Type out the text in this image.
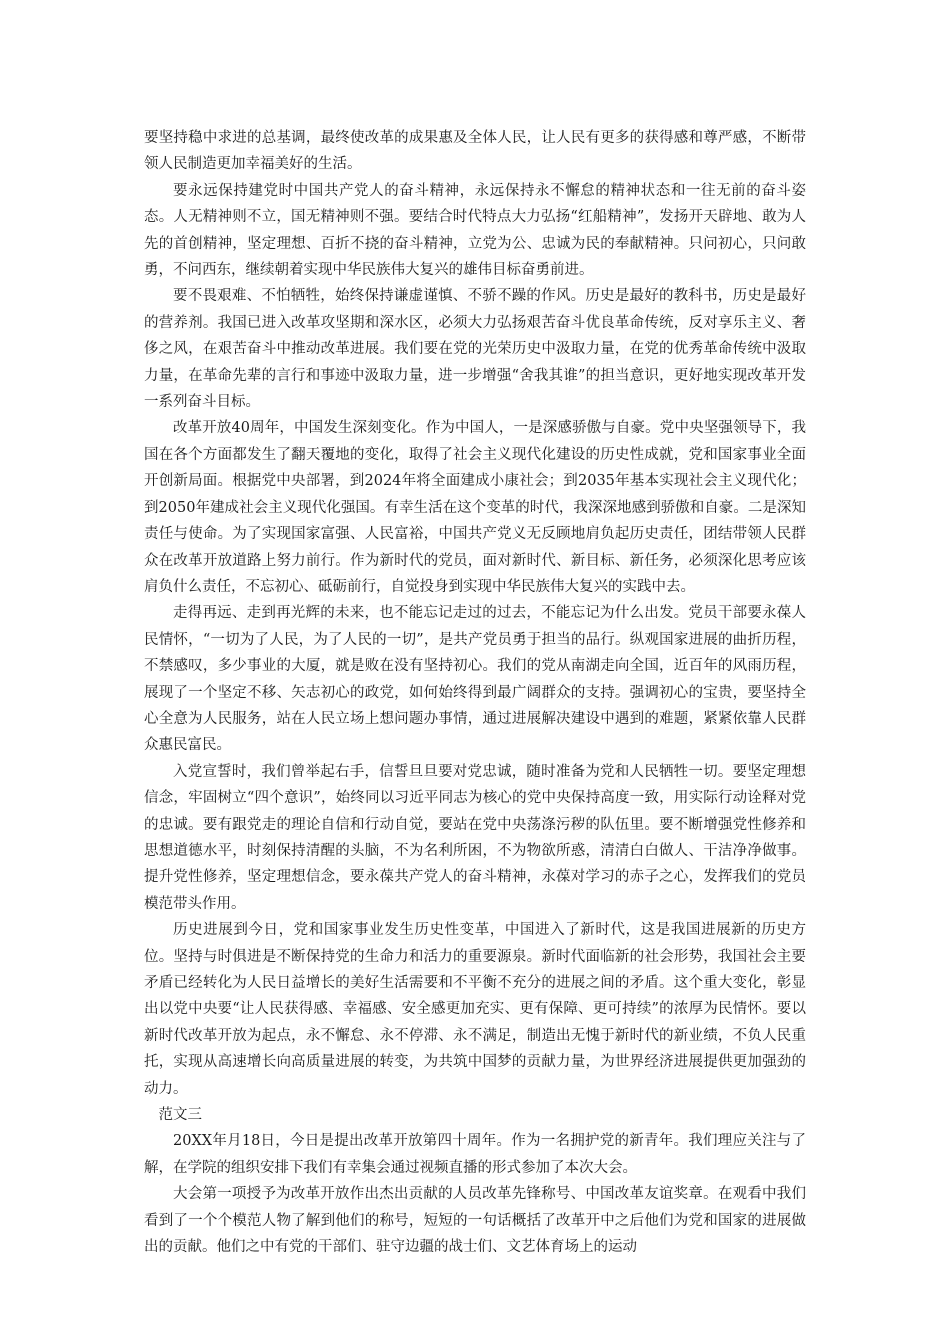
要坚持稳中求进的总基调，最终使改革的成果惠及全体人民，让人民有更多的获得感和尊严感，不断带领人民制造更加幸福美好的生活。

要永远保持建党时中国共产党人的奋斗精神，永远保持永不懈怠的精神状态和一往无前的奋斗姿态。人无精神则不立，国无精神则不强。要结合时代特点大力弘扬“红船精神”，发扬开天辟地、敢为人先的首创精神，坚定理想、百折不挠的奋斗精神，立党为公、忠诚为民的奉献精神。只问初心，只问敢勇，不问西东，继续朝着实现中华民族伟大复兴的雄伟目标奋勇前进。

要不畏艰难、不怕牺牲，始终保持谦虚谨慎、不骄不躁的作风。历史是最好的教科书，历史是最好的营养剂。我国已进入改革攻坚期和深水区，必须大力弘扬艰苦奋斗优良革命传统，反对享乐主义、奢侈之风，在艰苦奋斗中推动改革进展。我们要在党的光荣历史中汲取力量，在党的优秀革命传统中汲取力量，在革命先辈的言行和事迹中汲取力量，进一步增强“舍我其谁”的担当意识，更好地实现改革开发一系列奋斗目标。

改革开放40周年，中国发生深刻变化。作为中国人，一是深感骄傲与自豪。党中央坚强领导下，我国在各个方面都发生了翻天覆地的变化，取得了社会主义现代化建设的历史性成就，党和国家事业全面开创新局面。根据党中央部署，到2024年将全面建成小康社会；到2035年基本实现社会主义现代化；到2050年建成社会主义现代化强国。有幸生活在这个变革的时代，我深深地感到骄傲和自豪。二是深知责任与使命。为了实现国家富强、人民富裕，中国共产党义无反顾地肩负起历史责任，团结带领人民群众在改革开放道路上努力前行。作为新时代的党员，面对新时代、新目标、新任务，必须深化思考应该肩负什么责任，不忘初心、砥砺前行，自觉投身到实现中华民族伟大复兴的实践中去。

走得再远、走到再光辉的未来，也不能忘记走过的过去，不能忘记为什么出发。党员干部要永葆人民情怀，“一切为了人民，为了人民的一切”，是共产党员勇于担当的品行。纵观国家进展的曲折历程，不禁感叹，多少事业的大厦，就是败在没有坚持初心。我们的党从南湖走向全国，近百年的风雨历程，展现了一个坚定不移、矢志初心的政党，如何始终得到最广阔群众的支持。强调初心的宝贵，要坚持全心全意为人民服务，站在人民立场上想问题办事情，通过进展解决建设中遇到的难题，紧紧依靠人民群众惠民富民。

入党宣誓时，我们曾举起右手，信誓旦旦要对党忠诚，随时准备为党和人民牺牲一切。要坚定理想信念，牢固树立“四个意识”，始终同以习近平同志为核心的党中央保持高度一致，用实际行动诠释对党的忠诚。要有跟党走的理论自信和行动自觉，要站在党中央荡涤污秽的队伍里。要不断增强党性修养和思想道德水平，时刻保持清醒的头脑，不为名利所困，不为物欲所惑，清清白白做人、干洁净净做事。提升党性修养，坚定理想信念，要永葆共产党人的奋斗精神，永葆对学习的赤子之心，发挥我们的党员模范带头作用。

历史进展到今日，党和国家事业发生历史性变革，中国进入了新时代，这是我国进展新的历史方位。坚持与时俱进是不断保持党的生命力和活力的重要源泉。新时代面临新的社会形势，我国社会主要矛盾已经转化为人民日益增长的美好生活需要和不平衡不充分的进展之间的矛盾。这个重大变化，彰显出以党中央要“让人民获得感、幸福感、安全感更加充实、更有保障、更可持续”的浓厚为民情怀。要以新时代改革开放为起点，永不懈怠、永不停滞、永不满足，制造出无愧于新时代的新业绩，不负人民重托，实现从高速增长向高质量进展的转变，为共筑中国梦的贡献力量，为世界经济进展提供更加强劲的动力。

范文三

20XX年月18日，今日是提出改革开放第四十周年。作为一名拥护党的新青年。我们理应关注与了解，在学院的组织安排下我们有幸集会通过视频直播的形式参加了本次大会。

大会第一项授予为改革开放作出杰出贡献的人员改革先锋称号、中国改革友谊奖章。在观看中我们看到了一个个模范人物了解到他们的称号，短短的一句话概括了改革开中之后他们为党和国家的进展做出的贡献。他们之中有党的干部们、驻守边疆的战士们、文艺体育场上的运动
